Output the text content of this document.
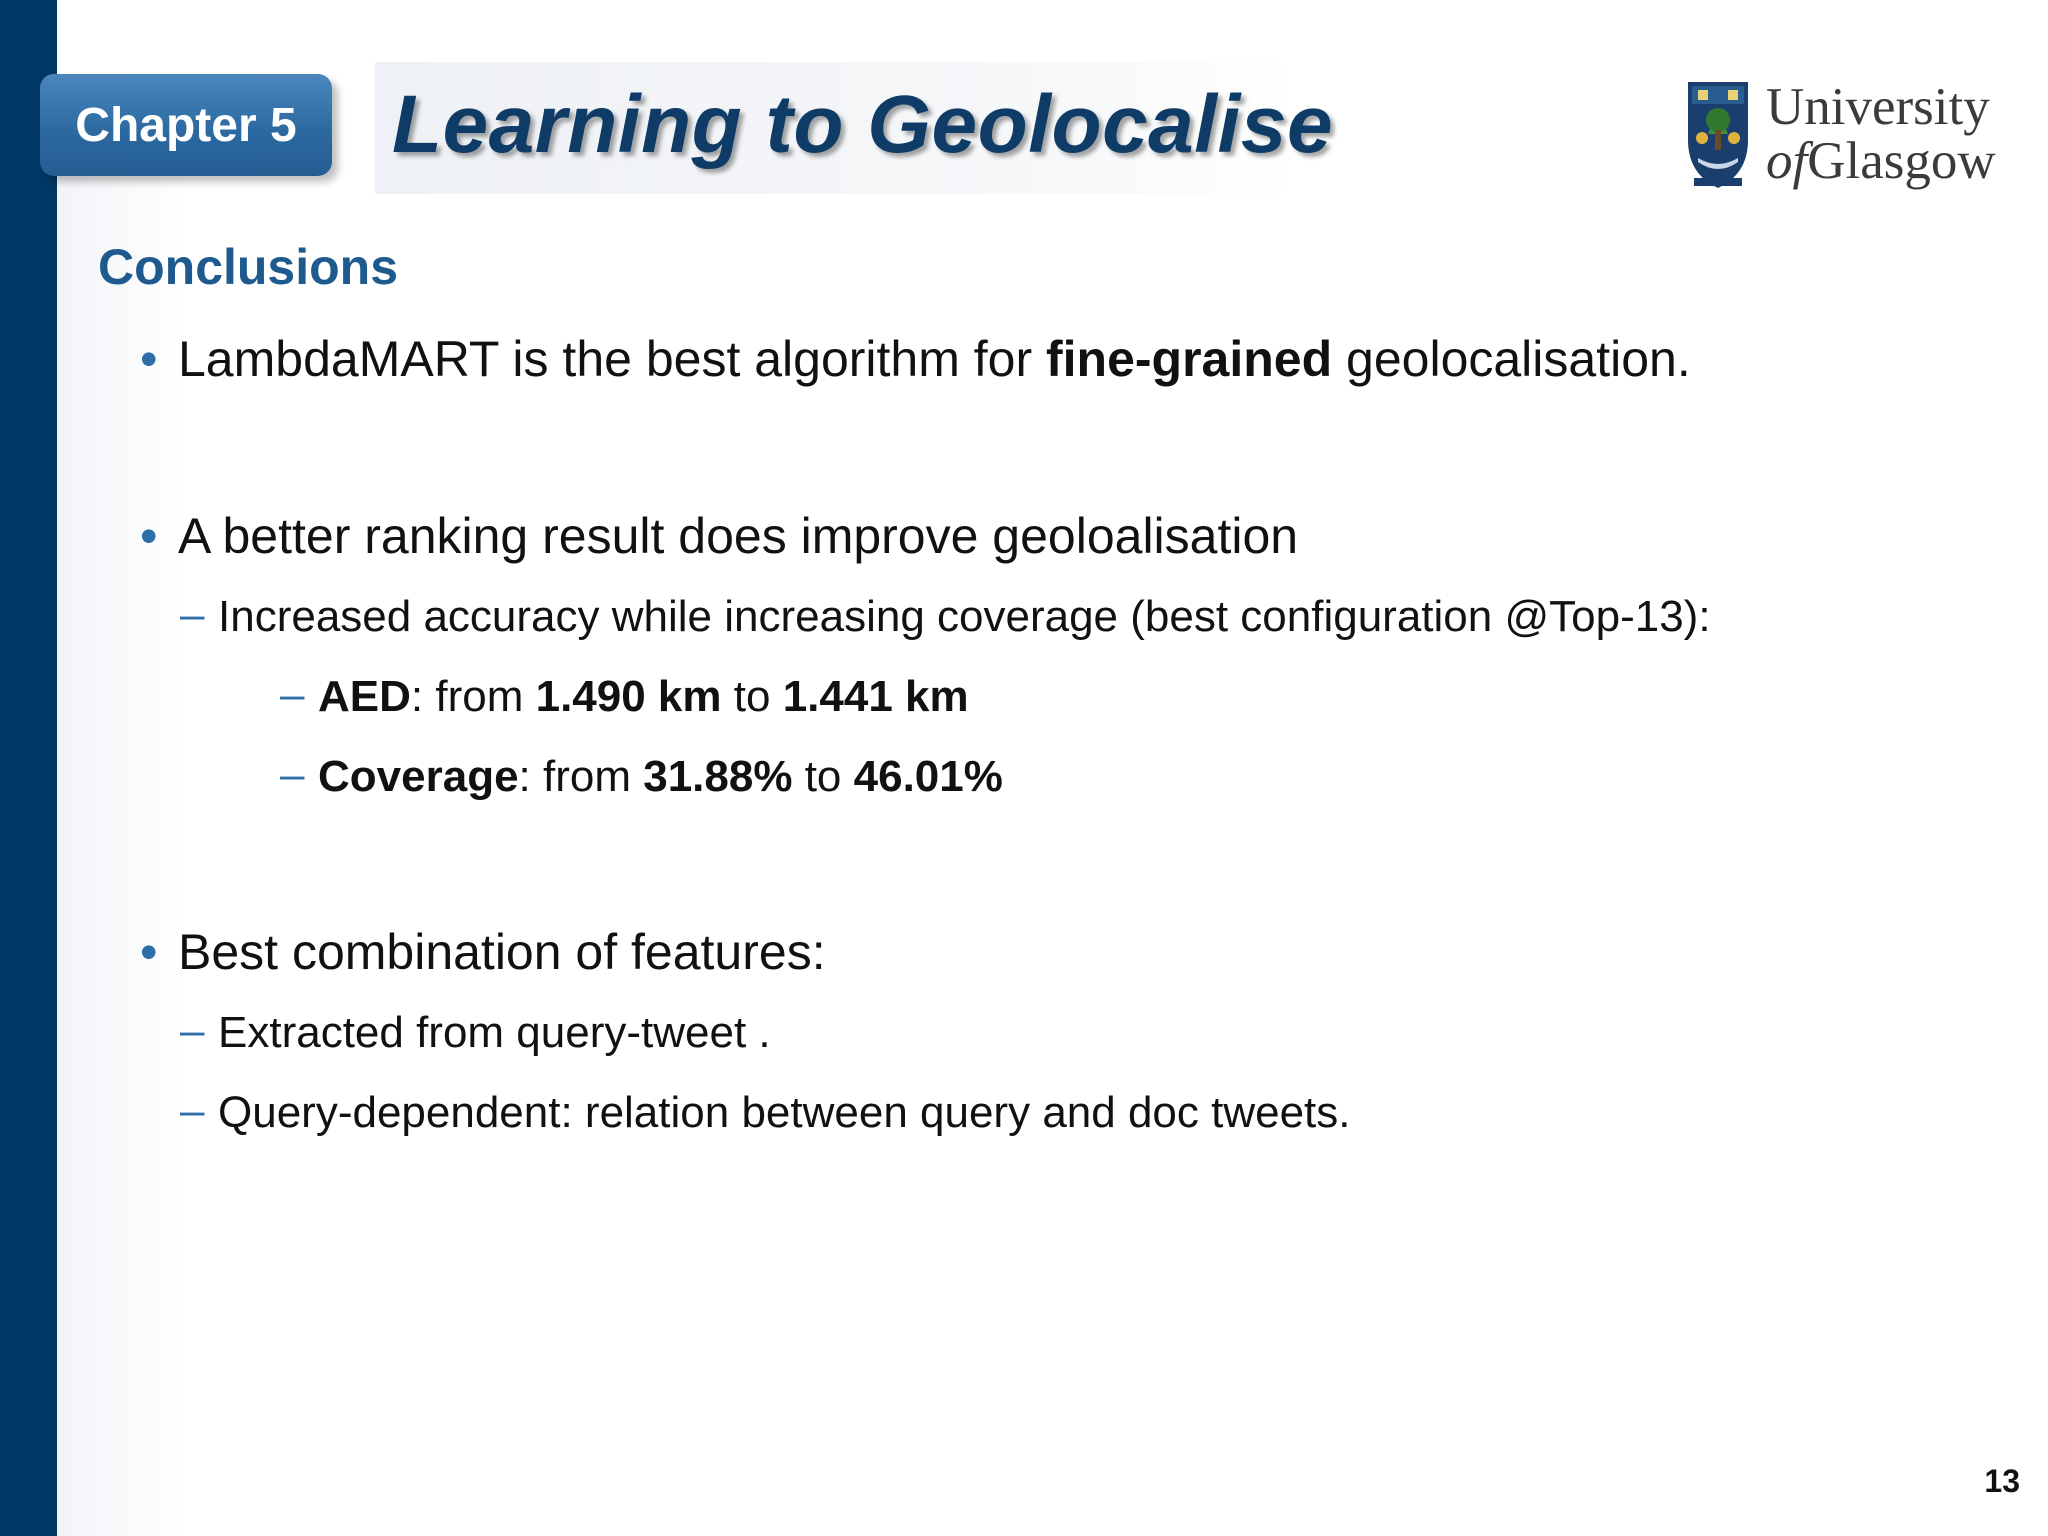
Chapter 5 Learning to Geolocalise	University
ofGlasgow
Conclusions
• LambdaMART is the best algorithm for fine-grained geolocalisation.
• A better ranking result does improve geoloalisation
– Increased accuracy while increasing coverage (best configuration @Top-13):
– AED: from 1.490 km to 1.441 km
– Coverage: from 31.88% to 46.01%
• Best combination of features:
– Extracted from query-tweet .
– Query-dependent: relation between query and doc tweets.
13
